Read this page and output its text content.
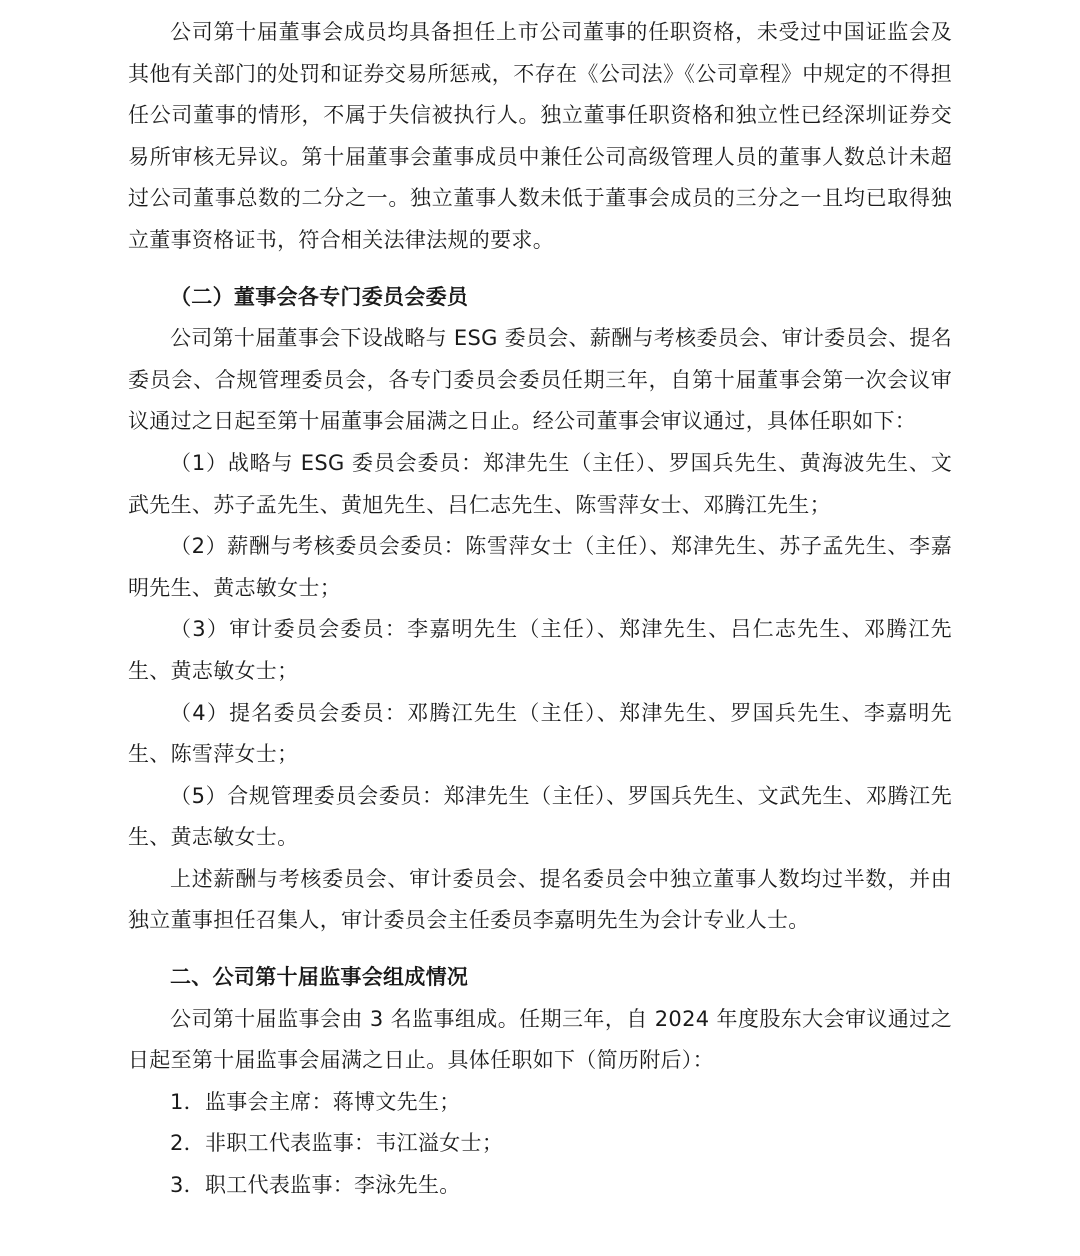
公司第十届董事会成员均具备担任上市公司董事的任职资格，未受过中国证监会及其他有关部门的处罚和证券交易所惩戒，不存在《公司法》《公司章程》中规定的不得担任公司董事的情形，不属于失信被执行人。独立董事任职资格和独立性已经深圳证券交易所审核无异议。第十届董事会董事成员中兼任公司高级管理人员的董事人数总计未超过公司董事总数的二分之一。独立董事人数未低于董事会成员的三分之一且均已取得独立董事资格证书，符合相关法律法规的要求。

（二）董事会各专门委员会委员

公司第十届董事会下设战略与 ESG 委员会、薪酬与考核委员会、审计委员会、提名委员会、合规管理委员会，各专门委员会委员任期三年，自第十届董事会第一次会议审议通过之日起至第十届董事会届满之日止。经公司董事会审议通过，具体任职如下：

（1）战略与 ESG 委员会委员：郑津先生（主任）、罗国兵先生、黄海波先生、文武先生、苏子孟先生、黄旭先生、吕仁志先生、陈雪萍女士、邓腾江先生；

（2）薪酬与考核委员会委员：陈雪萍女士（主任）、郑津先生、苏子孟先生、李嘉明先生、黄志敏女士；

（3）审计委员会委员：李嘉明先生（主任）、郑津先生、吕仁志先生、邓腾江先生、黄志敏女士；

（4）提名委员会委员：邓腾江先生（主任）、郑津先生、罗国兵先生、李嘉明先生、陈雪萍女士；

（5）合规管理委员会委员：郑津先生（主任）、罗国兵先生、文武先生、邓腾江先生、黄志敏女士。

上述薪酬与考核委员会、审计委员会、提名委员会中独立董事人数均过半数，并由独立董事担任召集人，审计委员会主任委员李嘉明先生为会计专业人士。

二、公司第十届监事会组成情况

公司第十届监事会由 3 名监事组成。任期三年，自 2024 年度股东大会审议通过之日起至第十届监事会届满之日止。具体任职如下（简历附后）：

1．监事会主席：蒋博文先生；

2．非职工代表监事：韦江溢女士；

3．职工代表监事：李泳先生。
